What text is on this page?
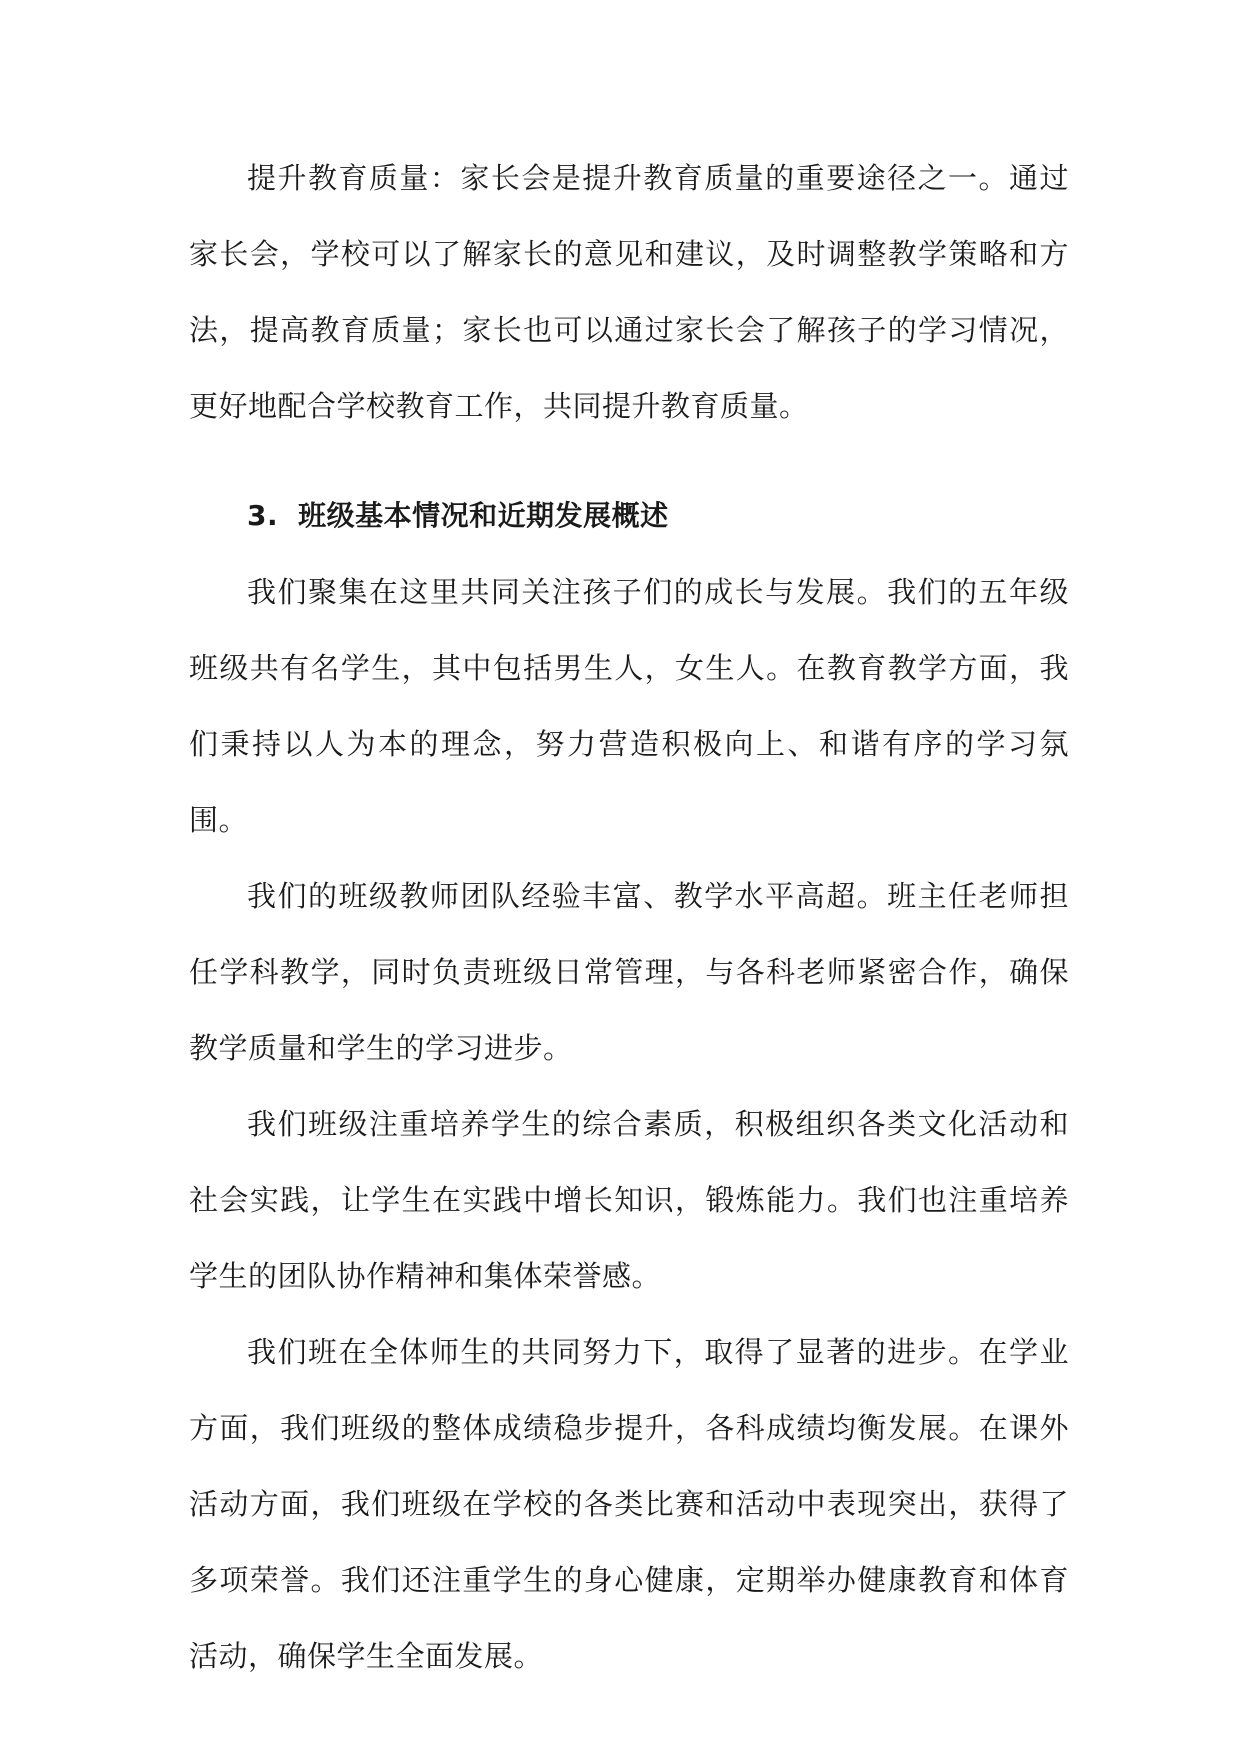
提升教育质量：家长会是提升教育质量的重要途径之一。通过家长会，学校可以了解家长的意见和建议，及时调整教学策略和方法，提高教育质量；家长也可以通过家长会了解孩子的学习情况，更好地配合学校教育工作，共同提升教育质量。

3. 班级基本情况和近期发展概述

我们聚集在这里共同关注孩子们的成长与发展。我们的五年级班级共有名学生，其中包括男生人，女生人。在教育教学方面，我们秉持以人为本的理念，努力营造积极向上、和谐有序的学习氛围。

我们的班级教师团队经验丰富、教学水平高超。班主任老师担任学科教学，同时负责班级日常管理，与各科老师紧密合作，确保教学质量和学生的学习进步。

我们班级注重培养学生的综合素质，积极组织各类文化活动和社会实践，让学生在实践中增长知识，锻炼能力。我们也注重培养学生的团队协作精神和集体荣誉感。

我们班在全体师生的共同努力下，取得了显著的进步。在学业方面，我们班级的整体成绩稳步提升，各科成绩均衡发展。在课外活动方面，我们班级在学校的各类比赛和活动中表现突出，获得了多项荣誉。我们还注重学生的身心健康，定期举办健康教育和体育活动，确保学生全面发展。
